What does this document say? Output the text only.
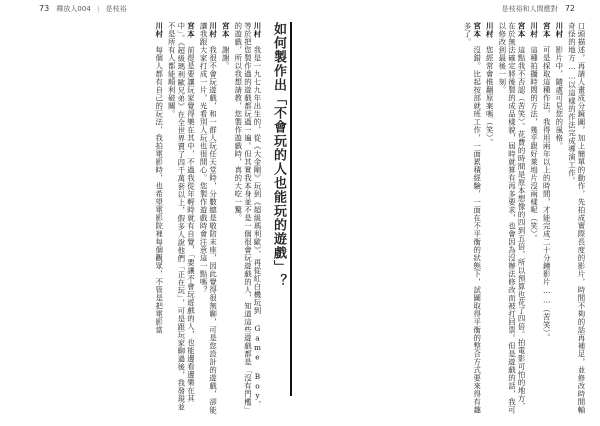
73 釋放人004 | 是枝裕	是枝裕和人間應對 72
口頭描述，再請人畫成分鏡圖，加上簡單的動作，先拍成實際長度的影片，時間不夠的話再補足，並修改時間軸奇怪的地方……以這樣的作法完成導演工作。
川村　影片中，隨處可見您的風格。
宮本　可是採取這種作法，我得用兩年以上的時間，才能完成二十分鐘影片……（苦笑）。
川村　這種拍攝時間的方法，幾乎跟好萊塢片沒兩樣呢（笑）。
宮本　這點我不否認（苦笑）。花費的時間是原本想像的四到五倍，所以預算也花了四倍。拍電影可怕的地方，在於無法確定將後製的成品樣貌，屆時就算有再多要求，也會因為沒辦法修改而被打回票。但是遊戲的話，我可以修改到最後一刻。
川村　您經常會推翻原案嗎（笑）。
宮本　沒錯。比起按部就班工作，一面累積經驗，一面在不平衡的狀態下，試圖取得平衡的整合方式要來得有趣多了。
如何製作出「不會玩的人也能玩的遊戲」？
川村　我是一九七九年出生的，從《大金剛》玩到《超級瑪利歐》，再從紅白機玩到 Game Boy，等於把您製作過的遊戲都玩過一遍。但其實我本身並不是一個很會玩遊戲的人，知道這些遊戲都是「沒有門檻」的遊戲，所以我想請教，您製作遊戲時，真的大吃一驚。
宮本　謝謝。
川村　我很不會玩遊戲，和一群人玩任天堂時，分數總是敬陪末座，因此覺得很無聊，可是您設計的遊戲，卻能讓我跟大家打成一片，光看別人玩也很開心。您製作遊戲時會注意這一點嗎？
宮本　前提是要讓玩家覺得樂在其中，不過我從年輕時就有自覺，「要讓不會玩遊戲的人，也能邊看邊樂在其中」。《超級瑪利歐兄弟》在全世界賣了四千萬套以上，假多人說他們「正在玩」，可是跟玩家聊過後，我發現並不是所有人都能順利破關。
川村　每個人都有自己的玩法，我拍電影時，也希望電影院裡每個觀眾，不管是把電影當
